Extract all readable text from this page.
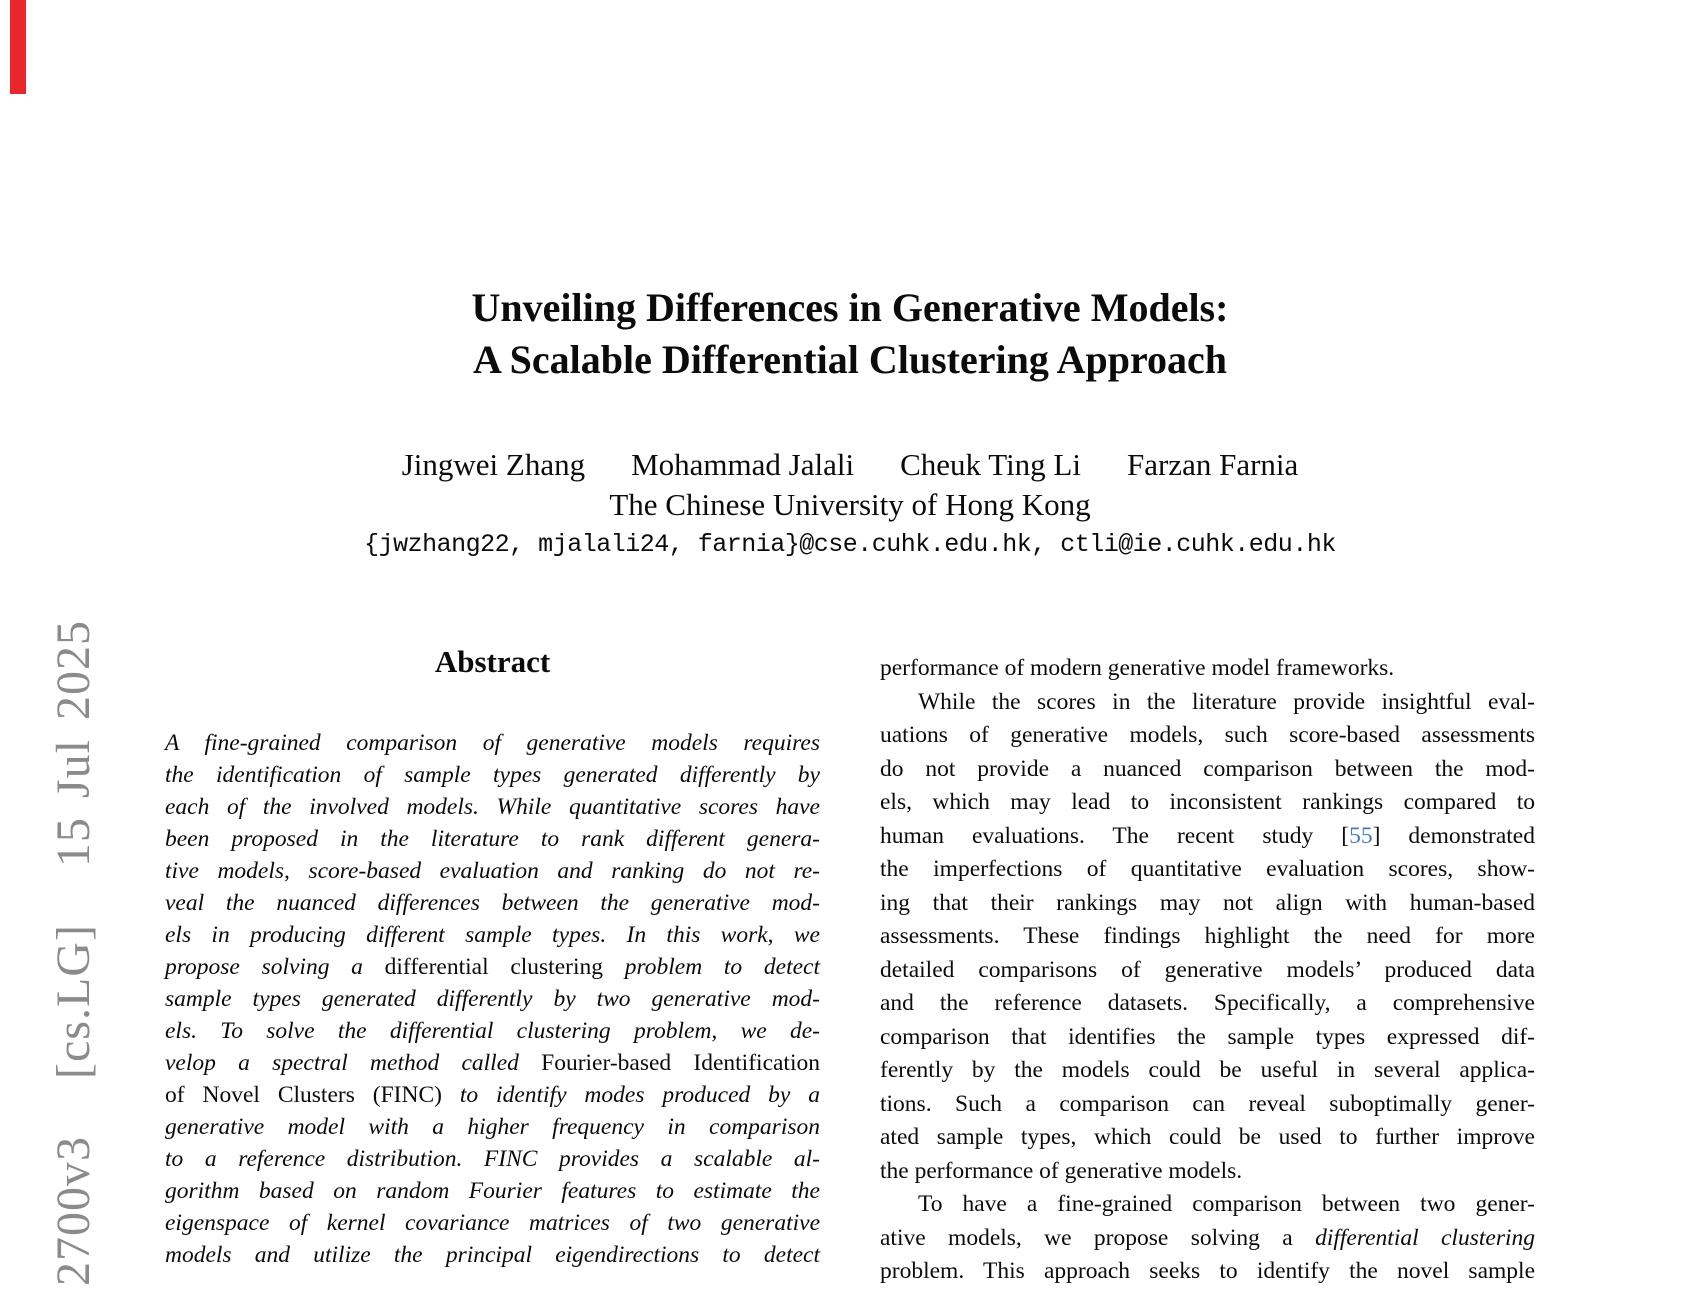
2700v3   [cs.LG]   15 Jul 2025
Unveiling Differences in Generative Models:
A Scalable Differential Clustering Approach
Jingwei Zhang Mohammad Jalali Cheuk Ting Li Farzan Farnia
The Chinese University of Hong Kong
{jwzhang22, mjalali24, farnia}@cse.cuhk.edu.hk, ctli@ie.cuhk.edu.hk
Abstract
A fine-grained comparison of generative models requires
the identification of sample types generated differently by
each of the involved models. While quantitative scores have
been proposed in the literature to rank different genera-
tive models, score-based evaluation and ranking do not re-
veal the nuanced differences between the generative mod-
els in producing different sample types. In this work, we
propose solving a differential clustering problem to detect
sample types generated differently by two generative mod-
els. To solve the differential clustering problem, we de-
velop a spectral method called Fourier-based Identification
of Novel Clusters (FINC) to identify modes produced by a
generative model with a higher frequency in comparison
to a reference distribution. FINC provides a scalable al-
gorithm based on random Fourier features to estimate the
eigenspace of kernel covariance matrices of two generative
models and utilize the principal eigendirections to detect
performance of modern generative model frameworks.
While the scores in the literature provide insightful eval-
uations of generative models, such score-based assessments
do not provide a nuanced comparison between the mod-
els, which may lead to inconsistent rankings compared to
human evaluations. The recent study [55] demonstrated
the imperfections of quantitative evaluation scores, show-
ing that their rankings may not align with human-based
assessments. These findings highlight the need for more
detailed comparisons of generative models’ produced data
and the reference datasets. Specifically, a comprehensive
comparison that identifies the sample types expressed dif-
ferently by the models could be useful in several applica-
tions. Such a comparison can reveal suboptimally gener-
ated sample types, which could be used to further improve
the performance of generative models.
To have a fine-grained comparison between two gener-
ative models, we propose solving a differential clustering
problem. This approach seeks to identify the novel sample
